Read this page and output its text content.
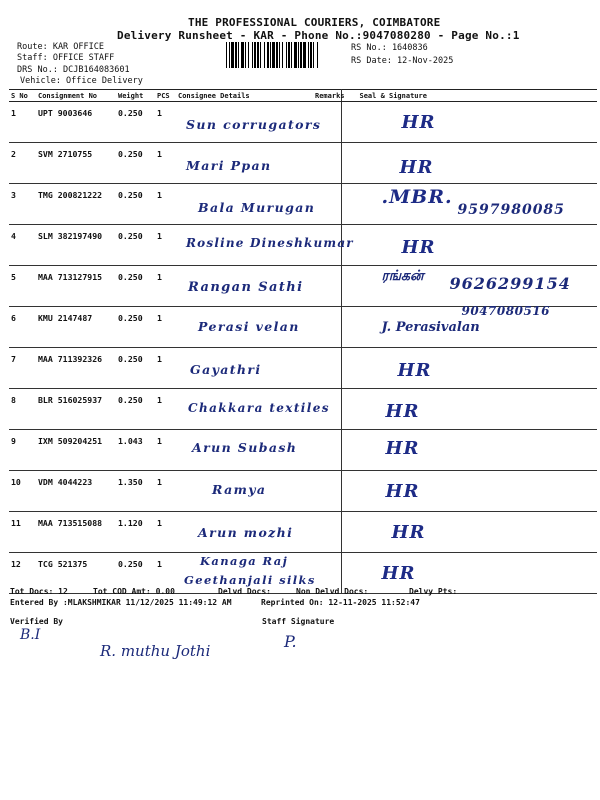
THE PROFESSIONAL COURIERS, COIMBATORE
Delivery Runsheet - KAR - Phone No.:9047080280 - Page No.:1
Route: KAR OFFICE
Staff: OFFICE STAFF
DRS No.: DCJB164083601
Vehicle: Office Delivery
RS No.: 1640836
RS Date: 12-Nov-2025
S No	Consignment No	Weight	PCS	Consignee Details	Remarks	Seal & Signature
1	UPT 9003646	0.250	1	Sun corrugators		HR

2	SVM 2710755	0.250	1	Mari Ppan		HR

3	TMG 200821222	0.250	1	Bala Murugan		.MBR.
9597980085

4	SLM 382197490	0.250	1	Rosline Dineshkumar		HR

5	MAA 713127915	0.250	1	Rangan Sathi		ரங்கன் 9626299154

6	KMU 2147487	0.250	1	Perasi velan		J. Perasivalan
9047080516

7	MAA 711392326	0.250	1	Gayathri		HR

8	BLR 516025937	0.250	1	Chakkara textiles		HR

9	IXM 509204251	1.043	1	Arun Subash		HR

10	VDM 4044223	1.350	1	Ramya		HR

11	MAA 713515088	1.120	1	Arun mozhi		HR

12	TCG 521375	0.250	1	Kanaga Raj
Geethanjali silks		HR
Tot Docs: 12	Tot COD Amt: 0.00	Delvd Docs:	Non Delvd Docs:	Delvy Pts:
Entered By :MLAKSHMIKAR 11/12/2025 11:49:12 AM	Reprinted On: 12-11-2025 11:52:47
Verified By	Staff Signature
B.I
R. muthu Jothi	P.
